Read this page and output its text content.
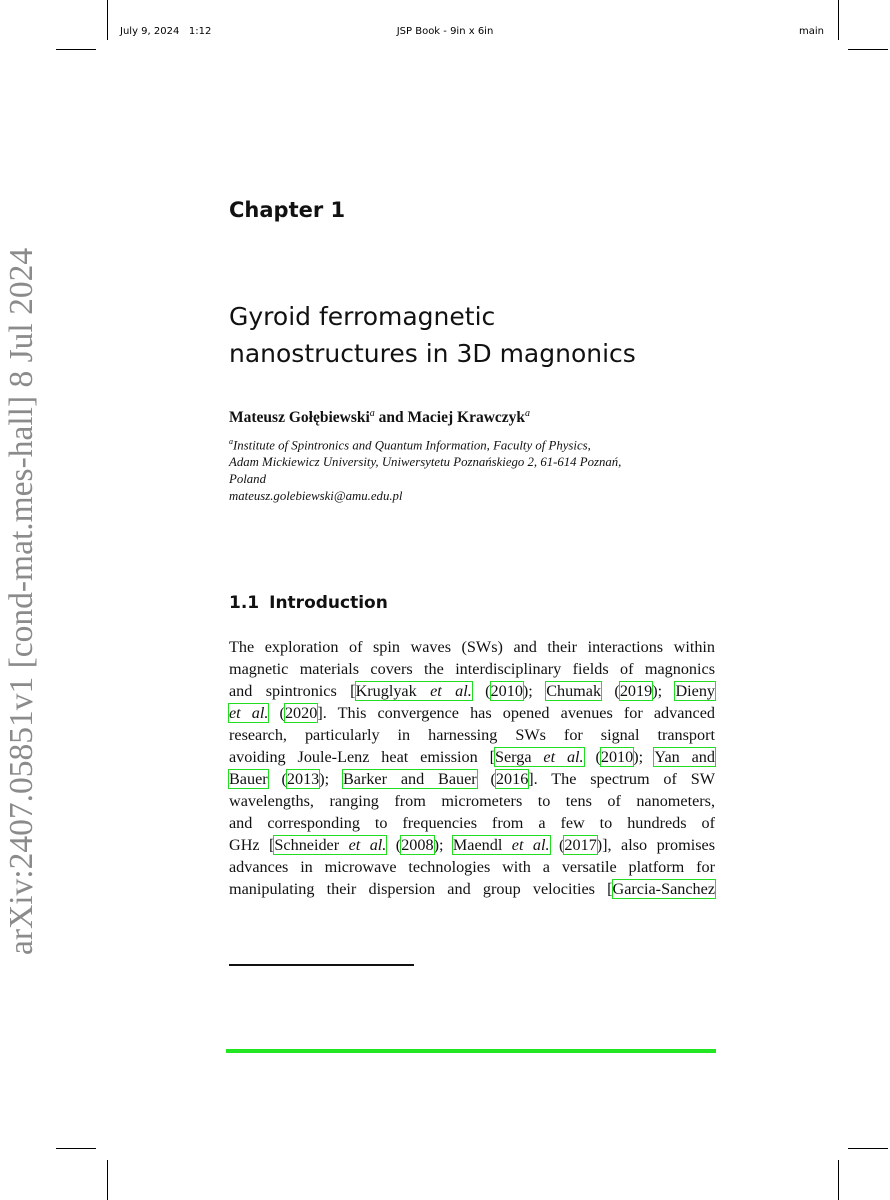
July 9, 2024 1:12	JSP Book - 9in x 6in	main
arXiv:2407.05851v1 [cond-mat.mes-hall] 8 Jul 2024
Chapter 1
Gyroid ferromagnetic
nanostructures in 3D magnonics
Mateusz Gołębiewski$^a$ and Maciej Krawczyk$^a$
$^a$Institute of Spintronics and Quantum Information, Faculty of Physics,
Adam Mickiewicz University, Uniwersytetu Poznańskiego 2, 61-614 Poznań,
Poland
mateusz.golebiewski@amu.edu.pl
1.1 Introduction
The exploration of spin waves (SWs) and their interactions within
magnetic materials covers the interdisciplinary fields of magnonics
and spintronics [Kruglyak et al. (2010); Chumak (2019); Dieny
et al. (2020]. This convergence has opened avenues for advanced
research, particularly in harnessing SWs for signal transport
avoiding Joule-Lenz heat emission [Serga et al. (2010); Yan and
Bauer (2013); Barker and Bauer (2016]. The spectrum of SW
wavelengths, ranging from micrometers to tens of nanometers,
and corresponding to frequencies from a few to hundreds of
GHz [Schneider et al. (2008); Maendl et al. (2017)], also promises
advances in microwave technologies with a versatile platform for
manipulating their dispersion and group velocities [Garcia-Sanchez
